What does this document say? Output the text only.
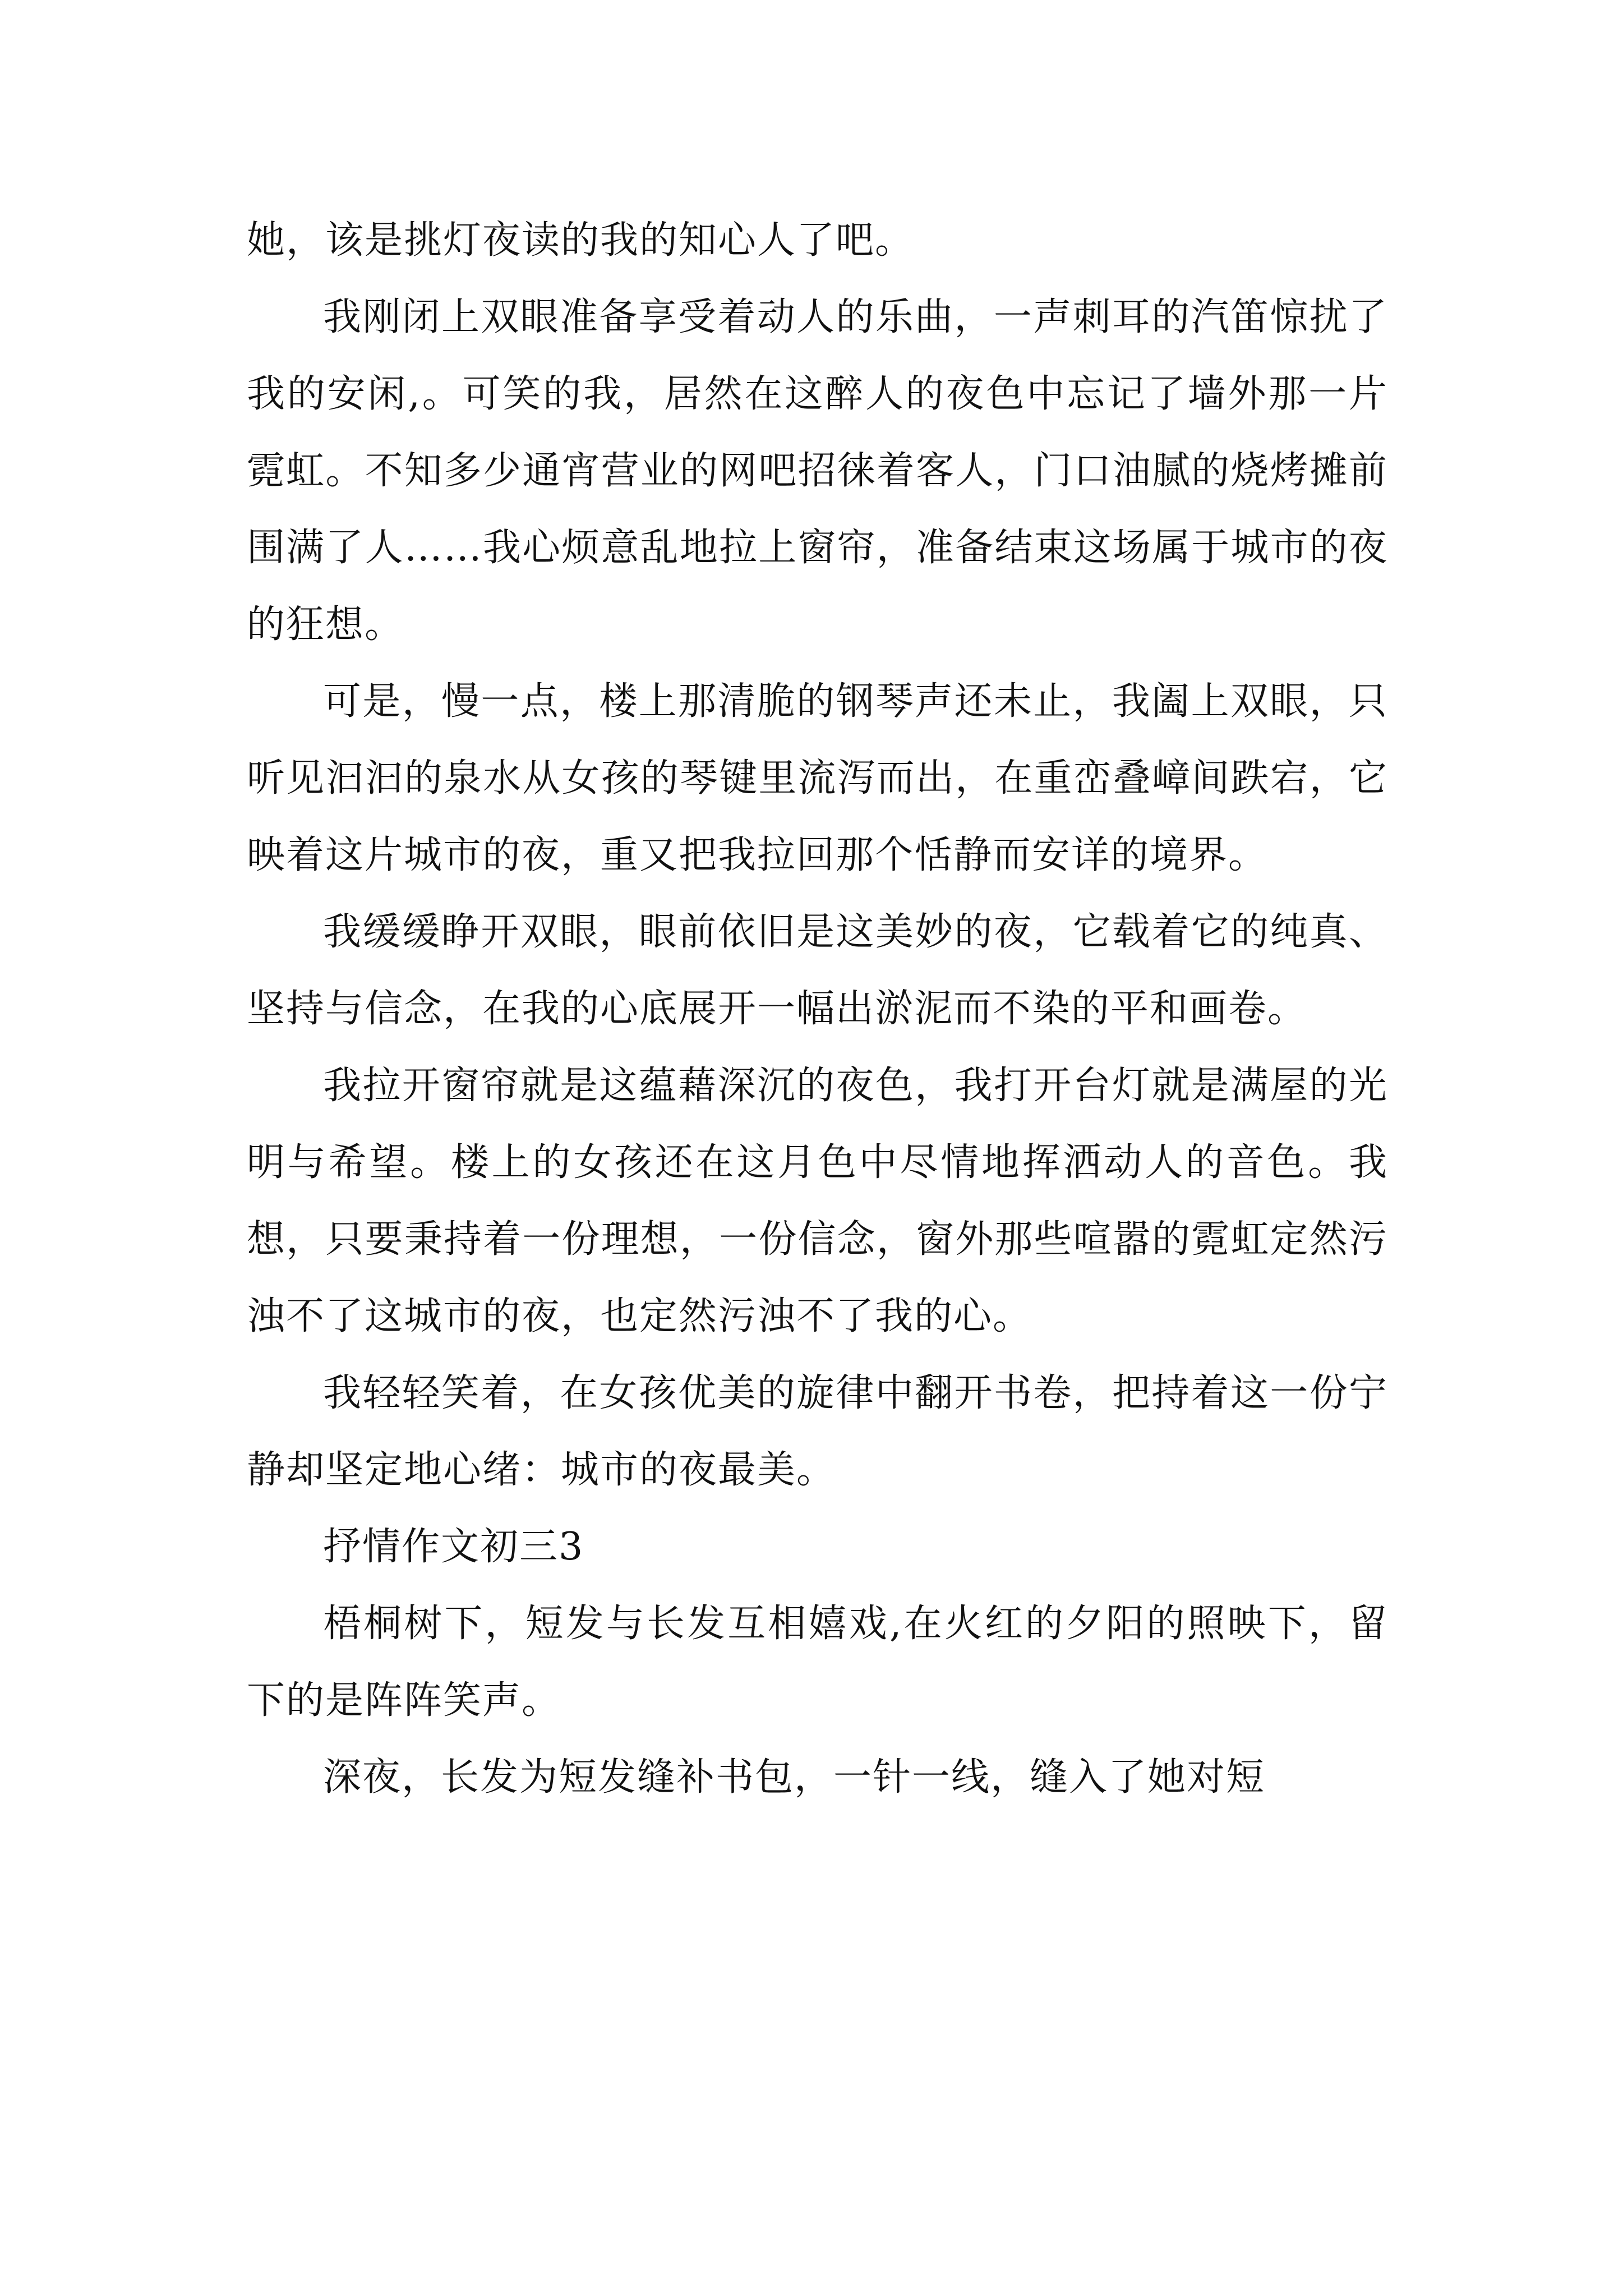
她，该是挑灯夜读的我的知心人了吧。

我刚闭上双眼准备享受着动人的乐曲，一声刺耳的汽笛惊扰了我的安闲,。可笑的我，居然在这醉人的夜色中忘记了墙外那一片霓虹。不知多少通宵营业的网吧招徕着客人，门口油腻的烧烤摊前围满了人……我心烦意乱地拉上窗帘，准备结束这场属于城市的夜的狂想。

可是，慢一点，楼上那清脆的钢琴声还未止，我阖上双眼，只听见汩汩的泉水从女孩的琴键里流泻而出，在重峦叠嶂间跌宕，它映着这片城市的夜，重又把我拉回那个恬静而安详的境界。

我缓缓睁开双眼，眼前依旧是这美妙的夜，它载着它的纯真、坚持与信念，在我的心底展开一幅出淤泥而不染的平和画卷。

我拉开窗帘就是这蕴藉深沉的夜色，我打开台灯就是满屋的光明与希望。楼上的女孩还在这月色中尽情地挥洒动人的音色。我想，只要秉持着一份理想，一份信念，窗外那些喧嚣的霓虹定然污浊不了这城市的夜，也定然污浊不了我的心。

我轻轻笑着，在女孩优美的旋律中翻开书卷，把持着这一份宁静却坚定地心绪：城市的夜最美。

抒情作文初三3

梧桐树下，短发与长发互相嬉戏,在火红的夕阳的照映下，留下的是阵阵笑声。

深夜，长发为短发缝补书包，一针一线，缝入了她对短
